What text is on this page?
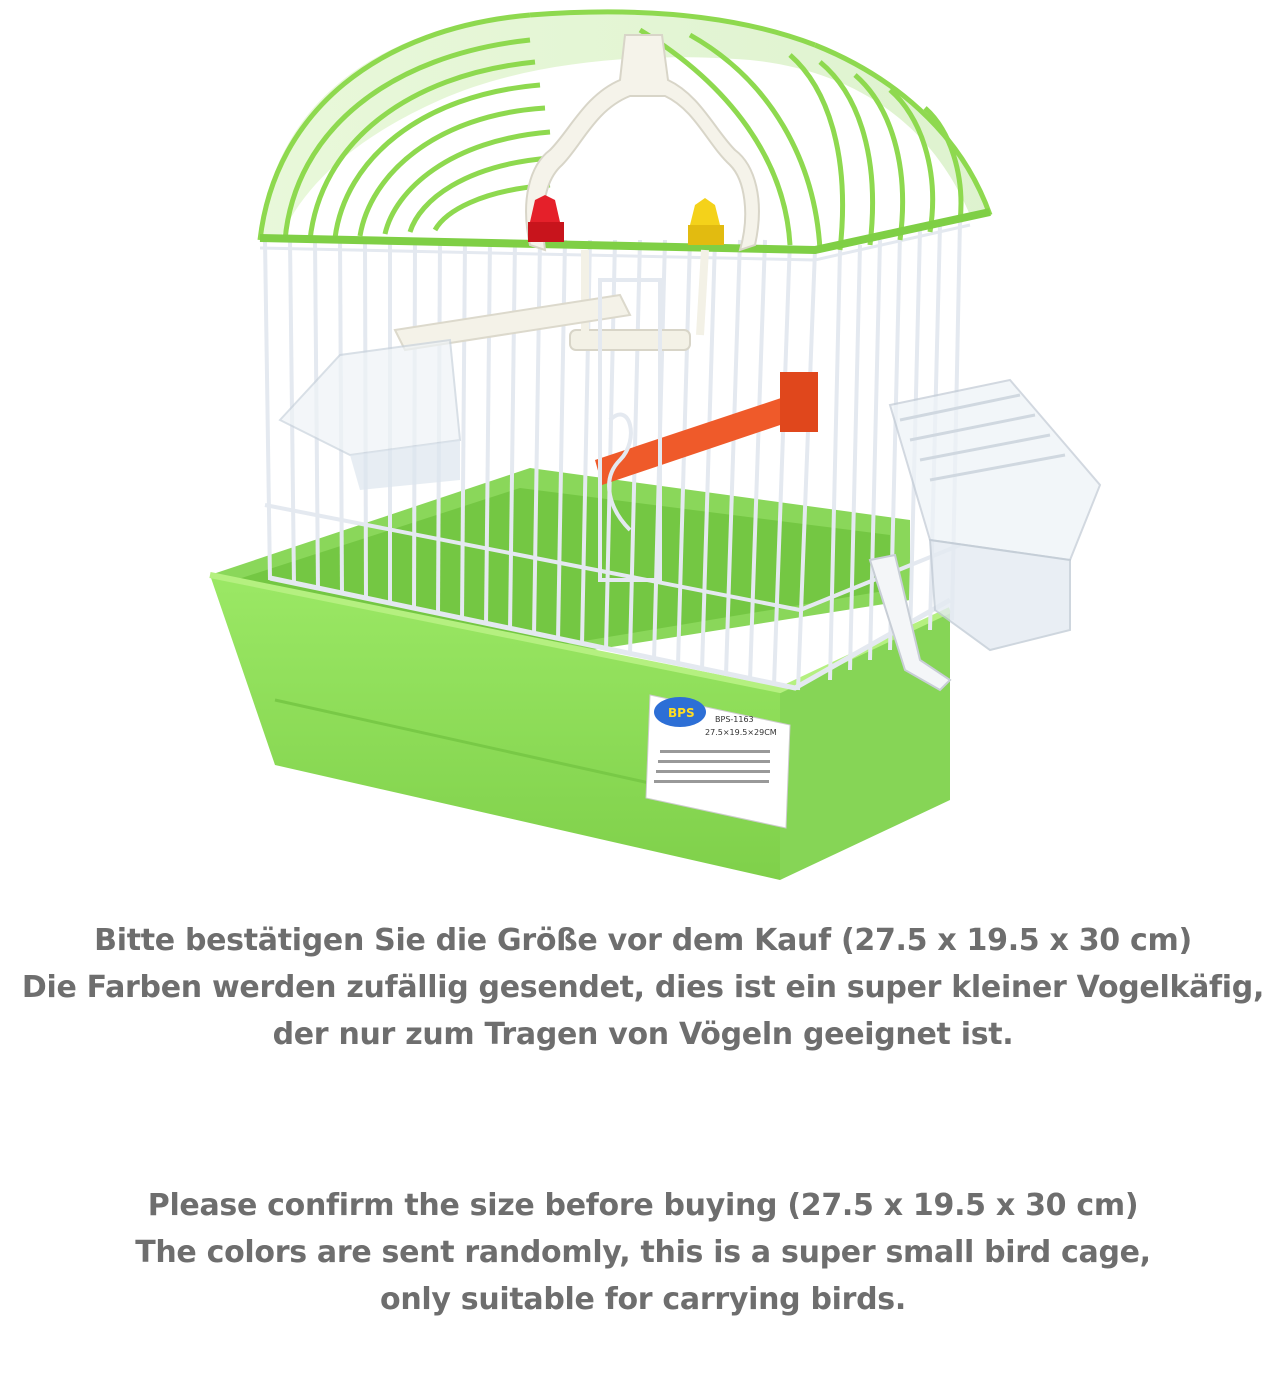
BPS	BPS-1163
27.5×19.5×29CM
Bitte bestätigen Sie die Größe vor dem Kauf (27.5 x 19.5 x 30 cm)
Die Farben werden zufällig gesendet, dies ist ein super kleiner Vogelkäfig,
der nur zum Tragen von Vögeln geeignet ist.
Please confirm the size before buying (27.5 x 19.5 x 30 cm)
The colors are sent randomly, this is a super small bird cage,
only suitable for carrying birds.
